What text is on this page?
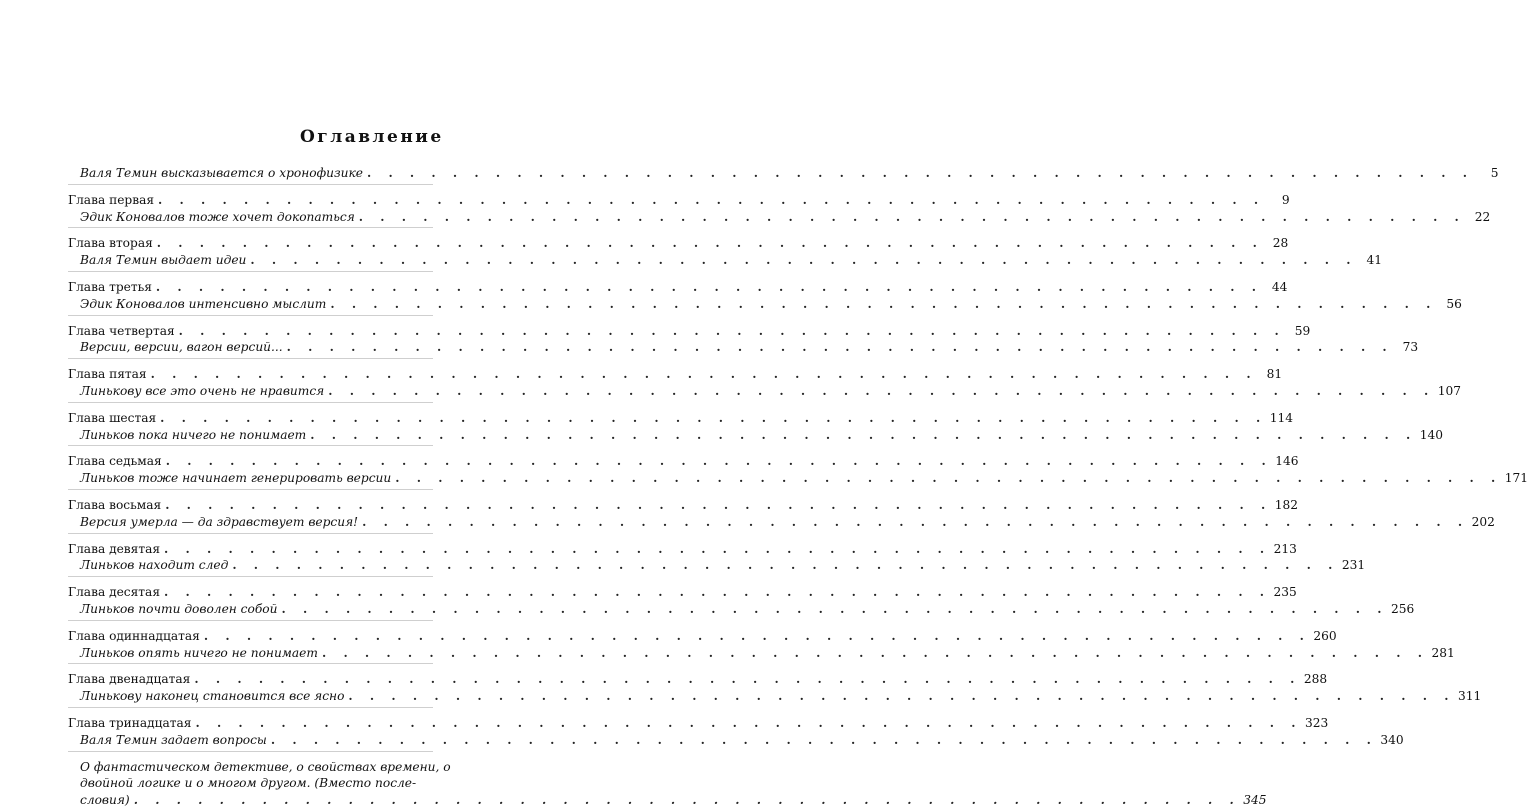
Оглавление
Валя Темин высказывается о хронофизике . . . . . . . . . . . . . . . . . . . . . . . . . . . . . . . . . . . . . . . . . . . . . . . . . . . .	5
Глава первая . . . . . . . . . . . . . . . . . . . . . . . . . . . . . . . . . . . . . . . . . . . . . . . . . . . .	9
Эдик Коновалов тоже хочет докопаться . . . . . . . . . . . . . . . . . . . . . . . . . . . . . . . . . . . . . . . . . . . . . . . . . . . . 22
Глава вторая . . . . . . . . . . . . . . . . . . . . . . . . . . . . . . . . . . . . . . . . . . . . . . . . . . . . 28
Валя Темин выдает идеи . . . . . . . . . . . . . . . . . . . . . . . . . . . . . . . . . . . . . . . . . . . . . . . . . . . . 41
Глава третья . . . . . . . . . . . . . . . . . . . . . . . . . . . . . . . . . . . . . . . . . . . . . . . . . . . . 44
Эдик Коновалов интенсивно мыслит . . . . . . . . . . . . . . . . . . . . . . . . . . . . . . . . . . . . . . . . . . . . . . . . . . . . 56
Глава четвертая . . . . . . . . . . . . . . . . . . . . . . . . . . . . . . . . . . . . . . . . . . . . . . . . . . . . 59
Версии, версии, вагон версий... . . . . . . . . . . . . . . . . . . . . . . . . . . . . . . . . . . . . . . . . . . . . . . . . . . . . 73
Глава пятая . . . . . . . . . . . . . . . . . . . . . . . . . . . . . . . . . . . . . . . . . . . . . . . . . . . . 81
Линькову все это очень не нравится . . . . . . . . . . . . . . . . . . . . . . . . . . . . . . . . . . . . . . . . . . . . . . . . . . . . 107
Глава шестая . . . . . . . . . . . . . . . . . . . . . . . . . . . . . . . . . . . . . . . . . . . . . . . . . . . . 114
Линьков пока ничего не понимает . . . . . . . . . . . . . . . . . . . . . . . . . . . . . . . . . . . . . . . . . . . . . . . . . . . . 140
Глава седьмая . . . . . . . . . . . . . . . . . . . . . . . . . . . . . . . . . . . . . . . . . . . . . . . . . . . . 146
Линьков тоже начинает генерировать версии . . . . . . . . . . . . . . . . . . . . . . . . . . . . . . . . . . . . . . . . . . . . . . . . . . . . 171
Глава восьмая . . . . . . . . . . . . . . . . . . . . . . . . . . . . . . . . . . . . . . . . . . . . . . . . . . . . 182
Версия умерла — да здравствует версия! . . . . . . . . . . . . . . . . . . . . . . . . . . . . . . . . . . . . . . . . . . . . . . . . . . . . 202
Глава девятая . . . . . . . . . . . . . . . . . . . . . . . . . . . . . . . . . . . . . . . . . . . . . . . . . . . . 213
Линьков находит след . . . . . . . . . . . . . . . . . . . . . . . . . . . . . . . . . . . . . . . . . . . . . . . . . . . . 231
Глава десятая . . . . . . . . . . . . . . . . . . . . . . . . . . . . . . . . . . . . . . . . . . . . . . . . . . . . 235
Линьков почти доволен собой . . . . . . . . . . . . . . . . . . . . . . . . . . . . . . . . . . . . . . . . . . . . . . . . . . . . 256
Глава одиннадцатая . . . . . . . . . . . . . . . . . . . . . . . . . . . . . . . . . . . . . . . . . . . . . . . . . . . . 260
Линьков опять ничего не понимает . . . . . . . . . . . . . . . . . . . . . . . . . . . . . . . . . . . . . . . . . . . . . . . . . . . . 281
Глава двенадцатая . . . . . . . . . . . . . . . . . . . . . . . . . . . . . . . . . . . . . . . . . . . . . . . . . . . . 288
Линькову наконец становится все ясно . . . . . . . . . . . . . . . . . . . . . . . . . . . . . . . . . . . . . . . . . . . . . . . . . . . . 311
Глава тринадцатая . . . . . . . . . . . . . . . . . . . . . . . . . . . . . . . . . . . . . . . . . . . . . . . . . . . . 323
Валя Темин задает вопросы . . . . . . . . . . . . . . . . . . . . . . . . . . . . . . . . . . . . . . . . . . . . . . . . . . . . 340
О фантастическом детективе, о свойствах времени, о
двойной логике и о многом другом. (Вместо после-
словия) . . . . . . . . . . . . . . . . . . . . . . . . . . . . . . . . . . . . . . . . . . . . . . . . . . . . 345
